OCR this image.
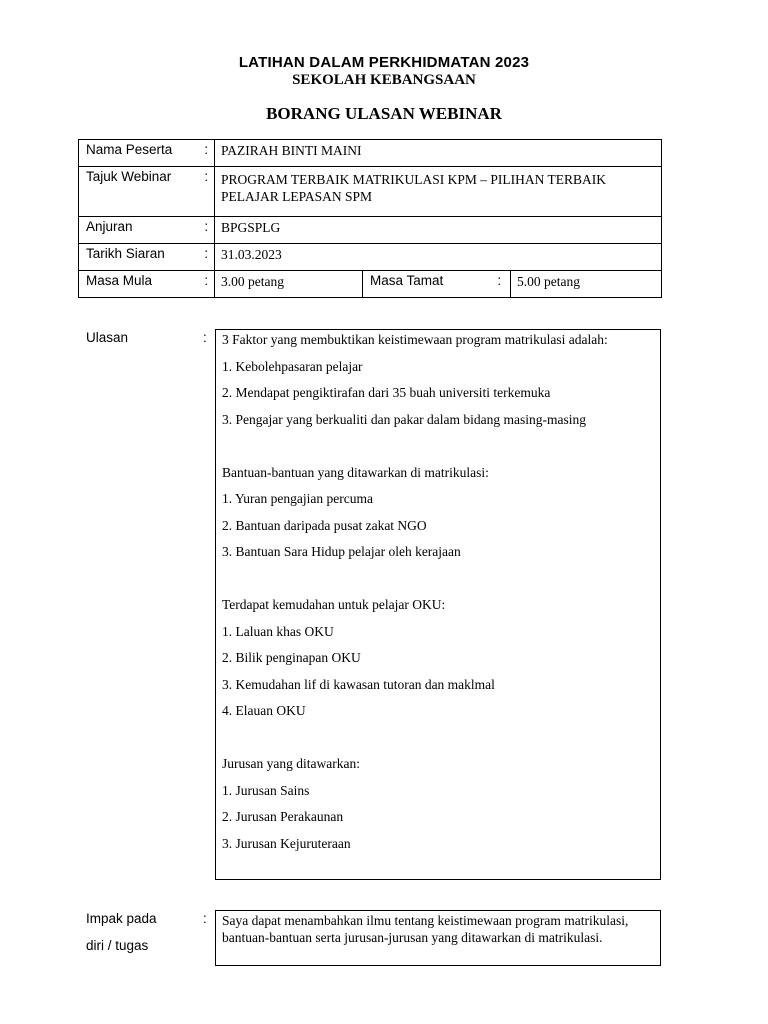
LATIHAN DALAM PERKHIDMATAN 2023
SEKOLAH KEBANGSAAN
BORANG ULASAN WEBINAR
Nama Peserta	:	PAZIRAH BINTI MAINI			
Tajuk Webinar	:	PROGRAM TERBAIK MATRIKULASI KPM – PILIHAN TERBAIK PELAJAR LEPASAN SPM			
Anjuran	:	BPGSPLG			
Tarikh Siaran	:	31.03.2023			
Masa Mula	:	3.00 petang	Masa Tamat	:	5.00 petang
Ulasan	: 3 Faktor yang membuktikan keistimewaan program matrikulasi adalah:

1. Kebolehpasaran pelajar

2. Mendapat pengiktirafan dari 35 buah universiti terkemuka

3. Pengajar yang berkualiti dan pakar dalam bidang masing-masing

Bantuan-bantuan yang ditawarkan di matrikulasi:

1. Yuran pengajian percuma

2. Bantuan daripada pusat zakat NGO

3. Bantuan Sara Hidup pelajar oleh kerajaan

Terdapat kemudahan untuk pelajar OKU:

1. Laluan khas OKU

2. Bilik penginapan OKU

3. Kemudahan lif di kawasan tutoran dan maklmal

4. Elauan OKU

Jurusan yang ditawarkan:

1. Jurusan Sains

2. Jurusan Perakaunan

3. Jurusan Kejuruteraan

Impak pada
diri / tugas
: Saya dapat menambahkan ilmu tentang keistimewaan program matrikulasi, bantuan-bantuan serta jurusan-jurusan yang ditawarkan di matrikulasi.
